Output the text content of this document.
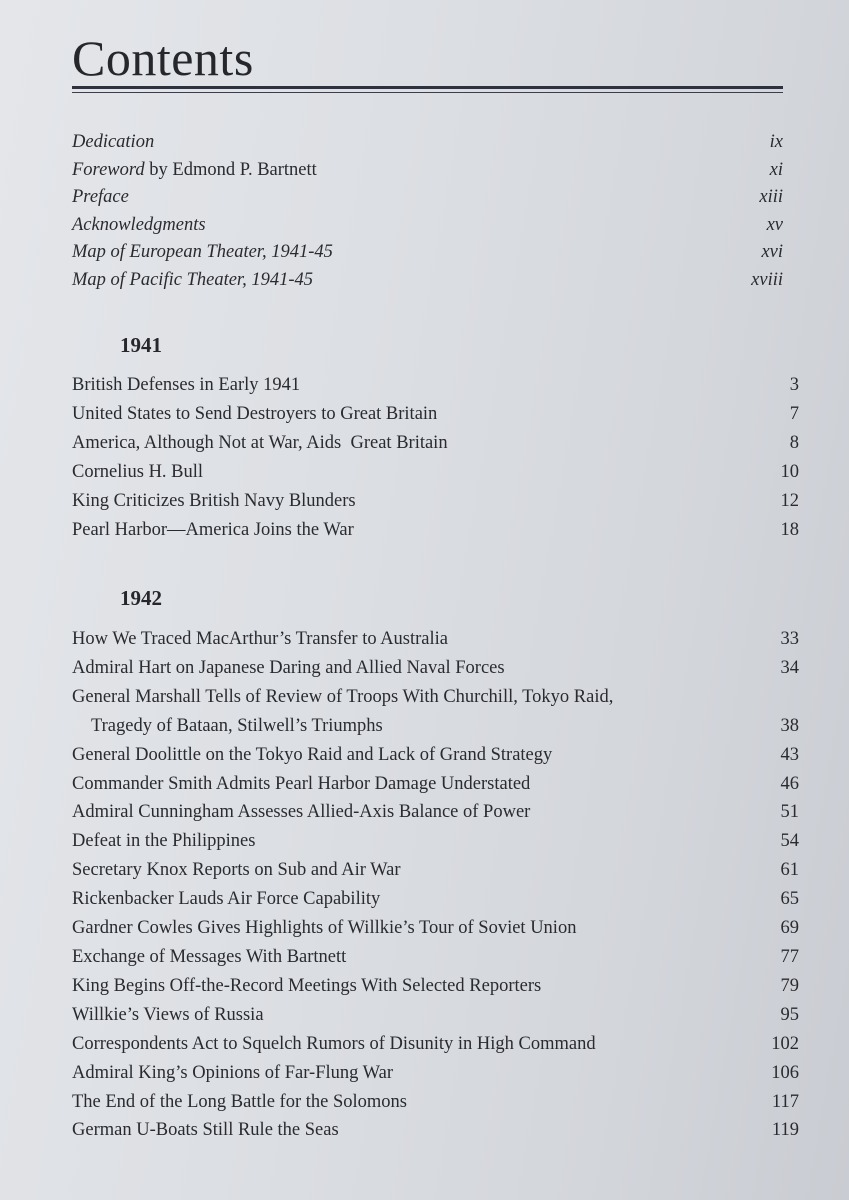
Contents
Dedication	ix
Foreword by Edmond P. Bartnett	xi
Preface	xiii
Acknowledgments	xv
Map of European Theater, 1941-45	xvi
Map of Pacific Theater, 1941-45	xviii
1941
British Defenses in Early 1941	3
United States to Send Destroyers to Great Britain	7
America, Although Not at War, Aids  Great Britain	8
Cornelius H. Bull	10
King Criticizes British Navy Blunders	12
Pearl Harbor—America Joins the War	18
1942
How We Traced MacArthur’s Transfer to Australia	33
Admiral Hart on Japanese Daring and Allied Naval Forces	34
General Marshall Tells of Review of Troops With Churchill, Tokyo Raid,
Tragedy of Bataan, Stilwell’s Triumphs	38
General Doolittle on the Tokyo Raid and Lack of Grand Strategy	43
Commander Smith Admits Pearl Harbor Damage Understated	46
Admiral Cunningham Assesses Allied-Axis Balance of Power	51
Defeat in the Philippines	54
Secretary Knox Reports on Sub and Air War	61
Rickenbacker Lauds Air Force Capability	65
Gardner Cowles Gives Highlights of Willkie’s Tour of Soviet Union	69
Exchange of Messages With Bartnett	77
King Begins Off-the-Record Meetings With Selected Reporters	79
Willkie’s Views of Russia	95
Correspondents Act to Squelch Rumors of Disunity in High Command	102
Admiral King’s Opinions of Far-Flung War	106
The End of the Long Battle for the Solomons	117
German U-Boats Still Rule the Seas	119
